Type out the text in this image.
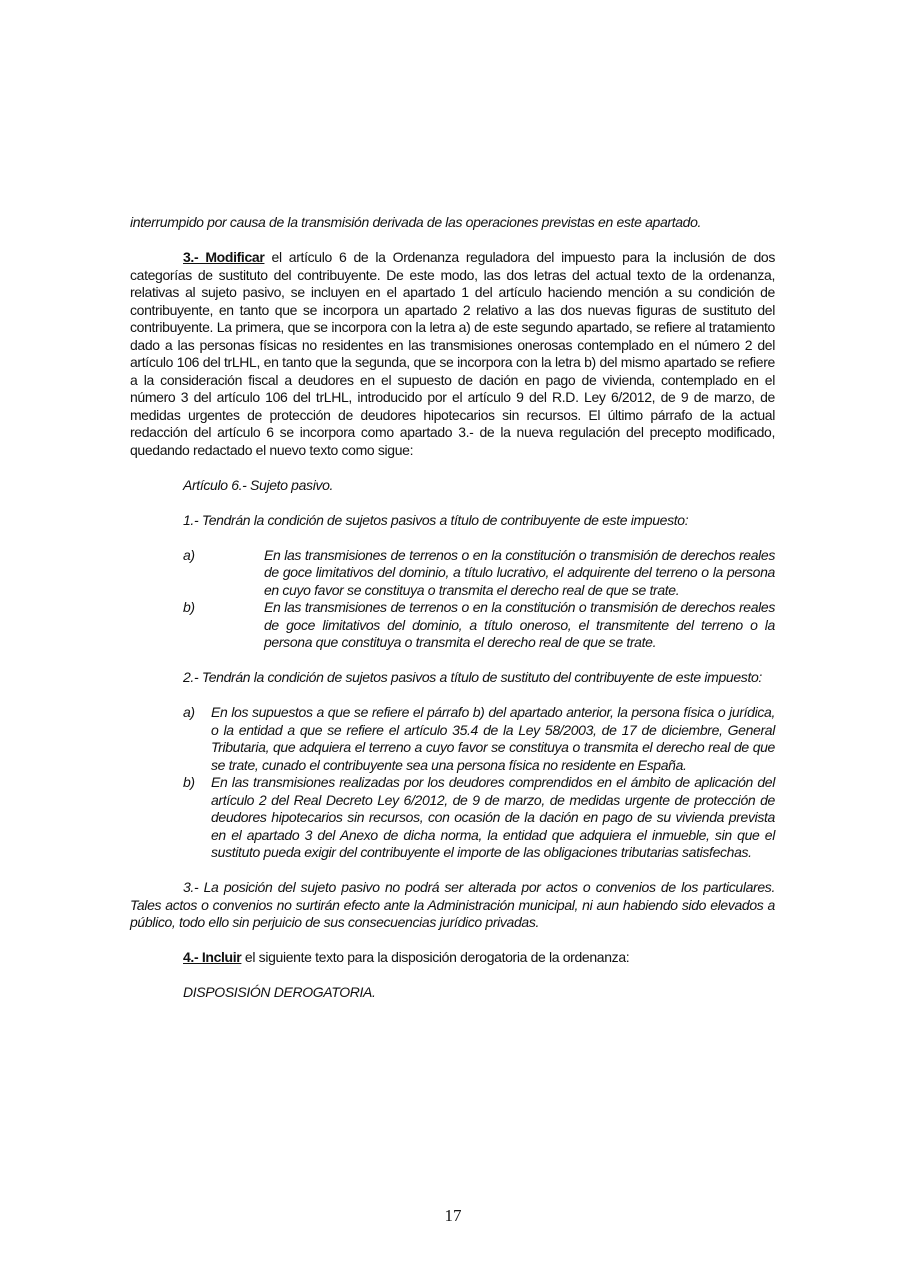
interrumpido por causa de la transmisión derivada de las operaciones previstas en este apartado.

3.- Modificar el artículo 6 de la Ordenanza reguladora del impuesto para la inclusión de dos categorías de sustituto del contribuyente. De este modo, las dos letras del actual texto de la ordenanza, relativas al sujeto pasivo, se incluyen en el apartado 1 del artículo haciendo mención a su condición de contribuyente, en tanto que se incorpora un apartado 2 relativo a las dos nuevas figuras de sustituto del contribuyente. La primera, que se incorpora con la letra a) de este segundo apartado, se refiere al tratamiento dado a las personas físicas no residentes en las transmisiones onerosas contemplado en el número 2 del artículo 106 del trLHL, en tanto que la segunda, que se incorpora con la letra b) del mismo apartado se refiere a la consideración fiscal a deudores en el supuesto de dación en pago de vivienda, contemplado en el número 3 del artículo 106 del trLHL, introducido por el artículo 9 del R.D. Ley 6/2012, de 9 de marzo, de medidas urgentes de protección de deudores hipotecarios sin recursos. El último párrafo de la actual redacción del artículo 6 se incorpora como apartado 3.- de la nueva regulación del precepto modificado, quedando redactado el nuevo texto como sigue:

Artículo 6.- Sujeto pasivo.

1.- Tendrán la condición de sujetos pasivos a título de contribuyente de este impuesto:

a)	En las transmisiones de terrenos o en la constitución o transmisión de derechos reales de goce limitativos del dominio, a título lucrativo, el adquirente del terreno o la persona en cuyo favor se constituya o transmita el derecho real de que se trate.
b)	En las transmisiones de terrenos o en la constitución o transmisión de derechos reales de goce limitativos del dominio, a título oneroso, el transmitente del terreno o la persona que constituya o transmita el derecho real de que se trate.

2.- Tendrán la condición de sujetos pasivos a título de sustituto del contribuyente de este impuesto:

a)	En los supuestos a que se refiere el párrafo b) del apartado anterior, la persona física o jurídica, o la entidad a que se refiere el artículo 35.4 de la Ley 58/2003, de 17 de diciembre, General Tributaria, que adquiera el terreno a cuyo favor se constituya o transmita el derecho real de que se trate, cunado el contribuyente sea una persona física no residente en España.
b)	En las transmisiones realizadas por los deudores comprendidos en el ámbito de aplicación del artículo 2 del Real Decreto Ley 6/2012, de 9 de marzo, de medidas urgente de protección de deudores hipotecarios sin recursos, con ocasión de la dación en pago de su vivienda prevista en el apartado 3 del Anexo de dicha norma, la entidad que adquiera el inmueble, sin que el sustituto pueda exigir del contribuyente el importe de las obligaciones tributarias satisfechas.

3.- La posición del sujeto pasivo no podrá ser alterada por actos o convenios de los particulares. Tales actos o convenios no surtirán efecto ante la Administración municipal, ni aun habiendo sido elevados a público, todo ello sin perjuicio de sus consecuencias jurídico privadas.

4.- Incluir el siguiente texto para la disposición derogatoria de la ordenanza:

DISPOSISIÓN DEROGATORIA.

17
